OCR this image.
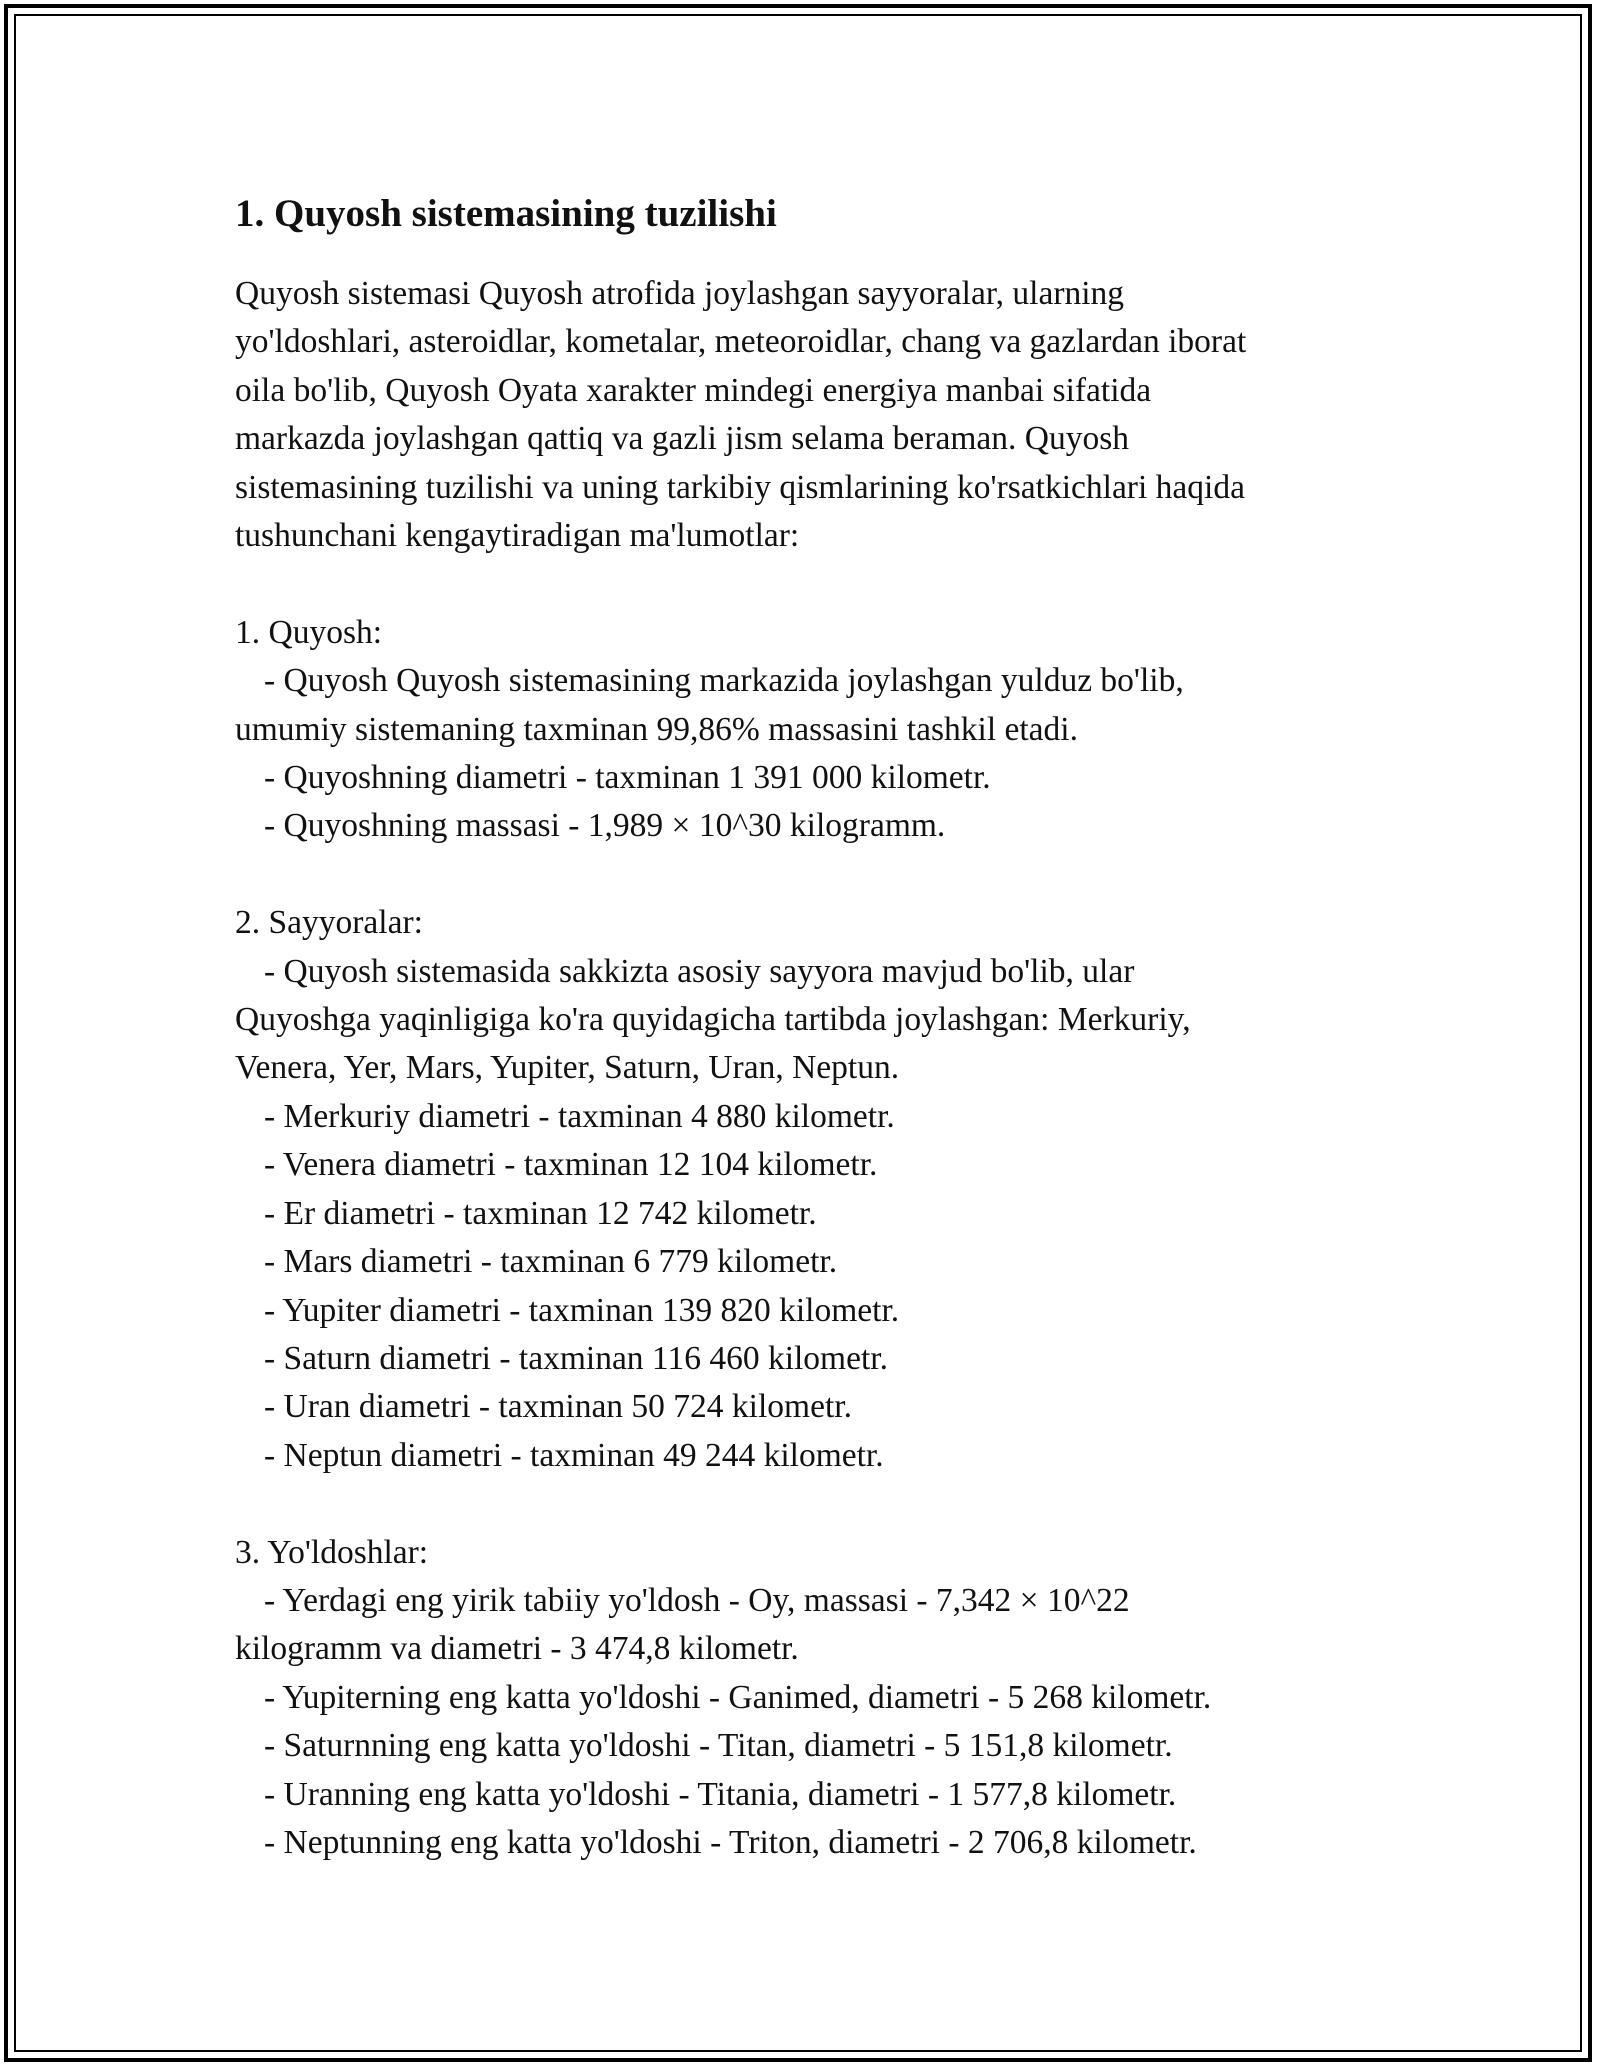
1. Quyosh sistemasining tuzilishi
Quyosh sistemasi Quyosh atrofida joylashgan sayyoralar, ularning
yo'ldoshlari, asteroidlar, kometalar, meteoroidlar, chang va gazlardan iborat
oila bo'lib, Quyosh Oyata xarakter mindegi energiya manbai sifatida
markazda joylashgan qattiq va gazli jism selama beraman. Quyosh
sistemasining tuzilishi va uning tarkibiy qismlarining ko'rsatkichlari haqida
tushunchani kengaytiradigan ma'lumotlar:
1. Quyosh:
- Quyosh Quyosh sistemasining markazida joylashgan yulduz bo'lib,
umumiy sistemaning taxminan 99,86% massasini tashkil etadi.
- Quyoshning diametri - taxminan 1 391 000 kilometr.
- Quyoshning massasi - 1,989 × 10^30 kilogramm.
2. Sayyoralar:
- Quyosh sistemasida sakkizta asosiy sayyora mavjud bo'lib, ular
Quyoshga yaqinligiga ko'ra quyidagicha tartibda joylashgan: Merkuriy,
Venera, Yer, Mars, Yupiter, Saturn, Uran, Neptun.
- Merkuriy diametri - taxminan 4 880 kilometr.
- Venera diametri - taxminan 12 104 kilometr.
- Er diametri - taxminan 12 742 kilometr.
- Mars diametri - taxminan 6 779 kilometr.
- Yupiter diametri - taxminan 139 820 kilometr.
- Saturn diametri - taxminan 116 460 kilometr.
- Uran diametri - taxminan 50 724 kilometr.
- Neptun diametri - taxminan 49 244 kilometr.
3. Yo'ldoshlar:
- Yerdagi eng yirik tabiiy yo'ldosh - Oy, massasi - 7,342 × 10^22
kilogramm va diametri - 3 474,8 kilometr.
- Yupiterning eng katta yo'ldoshi - Ganimed, diametri - 5 268 kilometr.
- Saturnning eng katta yo'ldoshi - Titan, diametri - 5 151,8 kilometr.
- Uranning eng katta yo'ldoshi - Titania, diametri - 1 577,8 kilometr.
- Neptunning eng katta yo'ldoshi - Triton, diametri - 2 706,8 kilometr.
